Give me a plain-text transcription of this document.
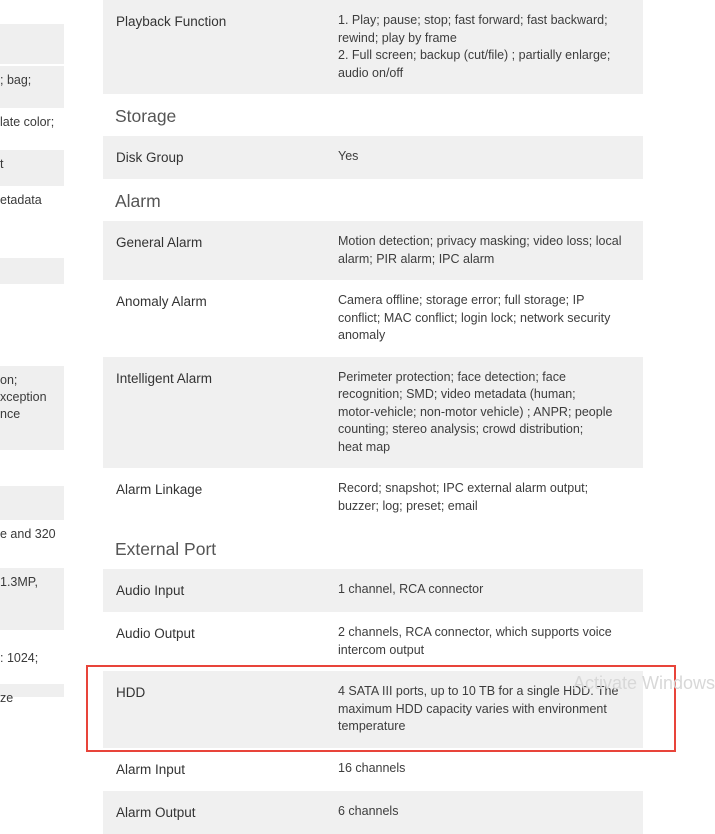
; bag;
late color;
t
etadata
on;
xception
nce
e and 320
1.3MP,
: 1024;
ze
Playback Function	1. Play; pause; stop; fast forward; fast backward;
rewind; play by frame
2. Full screen; backup (cut/file) ; partially enlarge;
audio on/off
Storage
Disk Group	Yes
Alarm
General Alarm	Motion detection; privacy masking; video loss; local
alarm; PIR alarm; IPC alarm
Anomaly Alarm	Camera offline; storage error; full storage; IP
conflict; MAC conflict; login lock; network security
anomaly
Intelligent Alarm	Perimeter protection; face detection; face
recognition; SMD; video metadata (human;
motor-vehicle; non-motor vehicle) ; ANPR; people
counting; stereo analysis; crowd distribution;
heat map
Alarm Linkage	Record; snapshot; IPC external alarm output;
buzzer; log; preset; email
External Port
Audio Input	1 channel, RCA connector
Audio Output	2 channels, RCA connector, which supports voice
intercom output
HDD	4 SATA III ports, up to 10 TB for a single HDD. The
maximum HDD capacity varies with environment
temperature
Alarm Input	16 channels
Alarm Output	6 channels
Activate Windows
